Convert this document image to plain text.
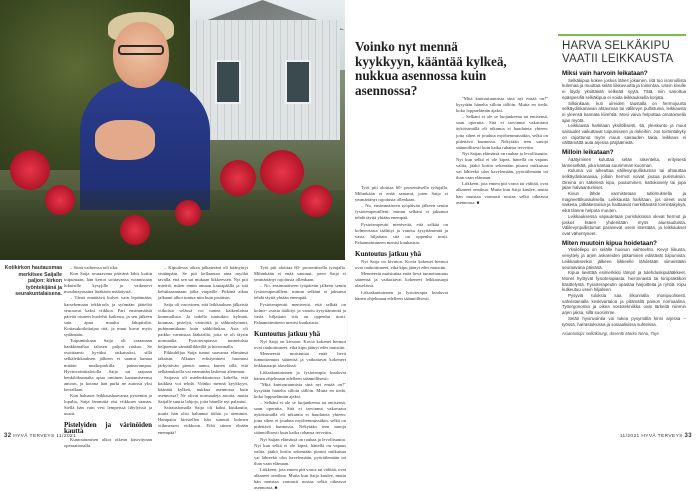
Kotikirkon hautausmaa merkitsee Saijalle paljon: kirkon työntekijänä ja seurakuntalaisena.

– Siinä vaiheessa tuli itku.

Kun Saija seuraavana päivänä lähti kotiin toipumaan, hän kertoi soittavansa voinnistaan lukuisille kysyjille ja vaikenevi mosdarayasaina läräkärin määräystä.

– Tämä ennättävä kulvet vain lepäämään, karsekemaan tekkirarla ja syömään jäätelöä seuraavat kaksi viikkoa. Pari ensimmäistä päivää oisaren huolehti kaikesta, ja sen jälkeen sain apua muulta lähipiiriltä. Kotiasakoilottaijaa rttä, ja muut kuvat myös sydämään.

Toipumiskaan Saija oli varaanaan hankkimallaa talosen paljon raskaa. Se osoittaansi hyväksi ratkaisuksi, sillä selkäleikkauksen jälkeen ei saanut kantaa mitään mutkoparkilla painavampaa. Hyvinvointitaloiolla Saija sai raapaan henkilökunnalta apua omiinen kantamiseensa antoon, ja kotona hän purki ne autossa yksi kerrallaan.

Kun haluaset leikkaushaavansa pystentin ja lopulta, Saija lämmittä etsi viikkoen saanan. Siellä hän vain vesi lempeissä lihylyissä ja uusiti.

Pistelyiden ja värinöiden kautta

Kuntoutumisen alkoi oikean käsivitynan operaationalla.

– Kipuilessa oikea jalkateräni oli käänyinyt sisäänpäin. Se piti kellaantaa aina myöhä tavalla, että sen sai mukaan liikkeessen. Nyt piti miettiä, miten ennin ansaan kantapäällä ja sitä kehittaaaantaan jalka varpaille. Pitkänä aikaa jalkaani alkoi tuntua niin kuin pistäisin.

Saija oli varovinen, että leikkauksen jälkeistä viikoista selässä voi tuntea kaikenlaista kummallista. Ja todella tuntuikin: kylmää, kuumaa, pistelyä, värinöitä ja sähkönlyönnit, puhinnmitkaan kuin sähkölinkaa. Asia oli paikko varmistaa lääkäriltä, jotta se oli täysin normaalia. Fysioterapiassa tunnetulsia helpoentin sämäällikkeillä ja hieronnalla.

Pikkuhiljaa Saija tuntui saavansa elämänsä takaisin. Alkuun edistyminen huomasi järkyttävän pientä: aamu, kunen sillä, että selkämuksella vai enemmän laskenut alemman.

Saijassa oli mielenkiintoissa kohella, että kaikkea voi tehdä. Voinko mennä kyykkyyn, kääntää kylkeä, nukkua asennossa kuin asennossa? Ne olivat normaaleja asioita, mutta Saijalle suuria lahjoja, joita hänelle nyt palautui.

Sairauslomalla Saija oli kaksi kuukautta, mutta hän olisi halunnut töihin jo aiemmin. Hampaita kiristellen hän sunnuit kolmen viikmessen viikkoon. Eikä siinen elnään enempää!

Työt piti aloittaa 60- prosenttisella työajalla. Mihinkään ei enää sanonut, joten Saija ei ymmärtänyt rajoitusta ollenkaan.

– No, ensimmäiseen työpäivän jälkeen sentin fysioterapeutilleni: minun selkäni ei jaksanut tehdä täyttä yhtään enempää.

Fysioterapeutti menivettä, että selkää on kolme- osasta täältityi ja vanotu äysyttäminttä ja vasta hiljattain sitä on oppenhu nosti. Palaanuttmineen menisi kuukausia.

Kuntoutus jatkuu yhä

Nyt Saija on kivuton. Kovia kokenet hermot ovat rauhoittuneet, eikä kipu jäänyt edes muistiin.

Menneestä muistuttaa enää lievä tunnottomuus säärensä ja vaikuttavat kokeneet leikkausarpi alaselässä.

Liikaskuntoinnen ja fysioterapia kuuluvat hänen ohjelmaan edelleen säännöllisesti:

"Mitä kuntoutuumista sinä nyt ensää on?" kysytään hänelta silloin tällöin. Mutta en tiedä, koko loppuelämän ajaksi.

– Selkäni ei ole se luojankeena tai entisensä, saan opernita. Sitä ei tarvinnut vakavaasa äyköisimällä eli nikamia ei hauduteta yhteen: jotta sihen ei jouduta myöhemmissäkin, selkä on pidettävä kunnossa. Nekytään teen sanoja säännöllisesti kuin kaika rahansa terveitin.

Nyt Saijan elämässä on rauhaa ja levollisuutta. Nyt kun selkä ei ole kipeä, hänellä on vapaus valita, jääkö kotiin sekemään piraini mitkaisaa vai lähteekö ulos kavelemään, pyöräilemään tai ihan vaan elämaan.

Liikkeen, jota ennen piti varoa tai välttää, ovat alkaneet onnihua. Mutta kun Saija kuulee, mutta hän muistaa varmasti nostaa selkä oikeassa asennossa. ■

Voinko nyt mennä kyykkyyn, kääntää kylkeä, nukkua asennossa kuin asennossa?

Työt piti aloittaa 60- prosenttisella työajalla. Mihinkään ei enää sanonut, joten Saija ei ymmärtänyt rajoitusta ollenkaan.

– No, ensimmäiseen työpäivän jälkeen sentin fysioterapeutilleni: minun selkäni ei jaksanut tehdä täyttä yhtään enempää.

Fysioterapeutti menivettä, että selkää on kolmeosasta täältityi ja vanotu äysyttäminttä ja vasta hiljattain sitä on oppenhu nosti. Palaanuttmineen menisi kuukausia.

Kuntoutus jatkuu yhä

Nyt Saija on kivuton. Kovia kokenet hermot ovat rauhoittuneet, eikä kipu jäänyt edes muistiin.

Menneestä muistuttaa enää lievä tunnottomuus säärensä ja vaikuttavat kokeneet leikkausarpi alaselässä.

Liikaskuntoinnen ja fysioterapia kuuluvat hänen ohjelmaan edelleen säännöllisesti.

"Mitä kuntoutuumista sinä nyt ensää on?" kysytään hänelta silloin tällöin. Mutta en tiedä, koko loppuelämän ajaksi.

– Selkäni ei ole se luojankeena tai entisensä, saan opernita. Sitä ei tarvinnut vakavaasa äyköisimällä eli nikamia ei hauduteta yhteen: jotta sihen ei jouduta myöhemmissäkin, selkä on pidettävä kunnossa. Nekytään teen sanoja säännöllisesti kuin kaika rahansa terveitin.

Nyt Saijan elämässä on rauhaa ja levollisuutta. Nyt kun selkä ei ole kipeä, hänellä on vapaus valita, jääkö kotiin sekemään piraini mitkaisaa vai lähteekö ulos kavelemään, pyöräilemään tai ihan vaan elämaan.

Liikkeen, jota ennen piti varoa tai välttää, ovat alkaneet onnihua. Mutta kun Saija kuulee, mutta hän muistaa varmasti nostaa selkä oikeassa asennossa. ■

HARVA SELKÄKIPU VAATII LEIKKAUSTA
Miksi vain harvoin leikataan?

Selkäkipua kokee joskus lähes jokainen. Iitä tuo isonnollista kulemaa ja muuttaa selän liikkuvuutta ja toimintaa. Usein kivulle ei löydy yksittäistä selkeää syytä. Tätä, niin sanottua epäspesifiä selkäkipua ei voida leikkauksella korjata.

Silloinkaan, kun oireiden taustalla on hermojuurta selkäydinkanavan ahtaumaa tai välilevyn pullistuma, leikkausta ei yleensä kannata kiirehtiä. Moni vaiva helpottaa omatoimella ajan myötä.

Leikkausta harkitaan yksilöllisesti. Ilä, yleiskunto ja muut sairaudet vaikuttavat toipumiseen ja riskeihin. Jos toimintakyky on rajoittunut myös muun sairauden takia, leikkaus ei välttämättä auta arjessa pärjäämistä.

Milloin leikataan?

Ääätyminen kuluttaa selän rakenteita, erityisesti lanneselkää, joka kantaa suurimman kuorman.

Kuluma voi aiheuttaa välilevynpullistuman tai ahtauttaa selkäydinkanavaa, jolloin hermot voivat joutua puristuksiin. Oireina on säkelevä kipu, puutuminen, kattokiovely tai jopa jalan halvaantumiset.

Kivun lähde varmistetaan tutkimuksella ja magneettikuvauksella. Leikkausta harkitaan, jos oireet ovat vaikeita, pitkäkestoisia ja haittaavat merkittävästi toimintakykyä, eikä tilanne helpota muuten.

Leikkauksessa vapautetaan puristuksissa olevat hermot ja joskus lisäen yhdenitään myös aluerauduista. Välilevynpullistumat paranevat usein itsestään, ja leikkaukset ovat vähentyneet.

Miten muutoin kipua hoidetaan?

Yksilöllepo on selälle huonon vaihtoehto. Kevyt liikunta, venyttely ja arjen askareiden jatkaminen edistävät toipumista. Leikkauksenkin jälkeen liikkeelle lähdetään viimeistään seuraavana päivänä.

Kipua lievittää esimerkiksi lämpö ja tulehduskipulääkkeet. Monet hyötyvät fysioterapiasta, hieronnasta tai kiropraktikon käsittelystä. Fysioterapeutin opastaa harjoitteita ja ryhtiä. Kipu kulkeutuu usein hiljalleen.

Pysyviä tuloksia saa liikunnalla monipuolisesti, vahvistamalla keskivartaloa ja pitämällä painon normaalina. Työergonomia ja oikea nostotekniikka ovat tärkeitä niinmin arjen jaksa, sillä suosimme.

Selän hyvinvointia voi tukea pysymällä kinni arjessa – työssä, harrastuksissa ja sosiaalisissa suhteissa.

Asiantuntija: selkäkirurgi, dosentti Marko Nenu, Tays
32 HYVÄ TERVEYS 11/2021	11/2021 HYVÄ TERVEYS 33
